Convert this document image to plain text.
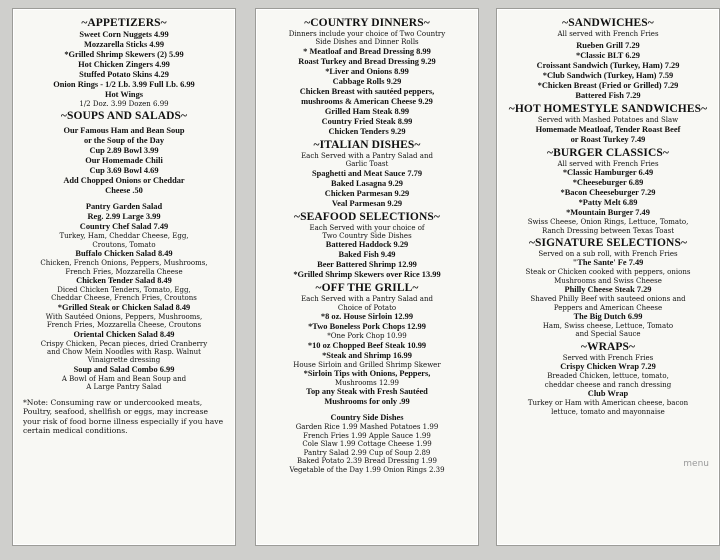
~APPETIZERS~
Sweet Corn Nuggets 4.99
Mozzarella Sticks 4.99
*Grilled Shrimp Skewers (2) 5.99
Hot Chicken Zingers 4.99
Stuffed Potato Skins 4.29
Onion Rings - 1/2 Lb. 3.99 Full Lb. 6.99
Hot Wings
1/2 Doz. 3.99 Dozen 6.99
~SOUPS AND SALADS~
Our Famous Ham and Bean Soup
or the Soup of the Day
Cup 2.89 Bowl 3.99
Our Homemade Chili
Cup 3.69 Bowl 4.69
Add Chopped Onions or Cheddar
Cheese .50
Pantry Garden Salad
Reg. 2.99 Large 3.99
Country Chef Salad 7.49
Turkey, Ham, Cheddar Cheese, Egg,
Croutons, Tomato
Buffalo Chicken Salad 8.49
Chicken, French Onions, Peppers, Mushrooms,
French Fries, Mozzarella Cheese
Chicken Tender Salad 8.49
Diced Chicken Tenders, Tomato, Egg,
Cheddar Cheese, French Fries, Croutons
*Grilled Steak or Chicken Salad 8.49
With Sautéed Onions, Peppers, Mushrooms,
French Fries, Mozzarella Cheese, Croutons
Oriental Chicken Salad 8.49
Crispy Chicken, Pecan pieces, dried Cranberry
and Chow Mein Noodles with Rasp. Walnut
Vinaigrette dressing
Soup and Salad Combo 6.99
A Bowl of Ham and Bean Soup and
A Large Pantry Salad
*Note: Consuming raw or undercooked meats, Poultry, seafood, shellfish or eggs, may increase your risk of food borne illness especially if you have certain medical conditions.
~COUNTRY DINNERS~
Dinners include your choice of Two Country
Side Dishes and Dinner Rolls
* Meatloaf and Bread Dressing 8.99
Roast Turkey and Bread Dressing 9.29
*Liver and Onions 8.99
Cabbage Rolls 9.29
Chicken Breast with sautéed peppers,
mushrooms & American Cheese 9.29
Grilled Ham Steak 8.99
Country Fried Steak 8.99
Chicken Tenders 9.29
~ITALIAN DISHES~
Each Served with a Pantry Salad and
Garlic Toast
Spaghetti and Meat Sauce 7.79
Baked Lasagna 9.29
Chicken Parmesan 9.29
Veal Parmesan 9.29
~SEAFOOD SELECTIONS~
Each Served with your choice of
Two Country Side Dishes
Battered Haddock 9.29
Baked Fish 9.49
Beer Battered Shrimp 12.99
*Grilled Shrimp Skewers over Rice 13.99
~OFF THE GRILL~
Each Served with a Pantry Salad and
Choice of Potato
*8 oz. House Sirloin 12.99
*Two Boneless Pork Chops 12.99
*One Pork Chop 10.99
*10 oz Chopped Beef Steak 10.99
*Steak and Shrimp 16.99
House Sirloin and Grilled Shrimp Skewer
*Sirloin Tips with Onions, Peppers,
Mushrooms 12.99
Top any Steak with Fresh Sautéed
Mushrooms for only .99
Country Side Dishes
Garden Rice 1.99 Mashed Potatoes 1.99
French Fries 1.99 Apple Sauce 1.99
Cole Slaw 1.99 Cottage Cheese 1.99
Pantry Salad 2.99 Cup of Soup 2.89
Baked Potato 2.39 Bread Dressing 1.99
Vegetable of the Day 1.99 Onion Rings 2.39
~SANDWICHES~
All served with French Fries
Rueben Grill 7.29
*Classic BLT 6.29
Croissant Sandwich (Turkey, Ham) 7.29
*Club Sandwich (Turkey, Ham) 7.59
*Chicken Breast (Fried or Grilled) 7.29
Battered Fish 7.29
~HOT HOMESTYLE SANDWICHES~
Served with Mashed Potatoes and Slaw
Homemade Meatloaf, Tender Roast Beef
or Roast Turkey 7.49
~BURGER CLASSICS~
All served with French Fries
*Classic Hamburger 6.49
*Cheeseburger 6.89
*Bacon Cheeseburger 7.29
*Patty Melt 6.89
*Mountain Burger 7.49
Swiss Cheese, Onion Rings, Lettuce, Tomato,
Ranch Dressing between Texas Toast
~SIGNATURE SELECTIONS~
Served on a sub roll, with French Fries
"The Sante' Fe 7.49
Steak or Chicken cooked with peppers, onions
Mushrooms and Swiss Cheese
Philly Cheese Steak 7.29
Shaved Philly Beef with sauteed onions and
Peppers and American Cheese
The Big Dutch 6.99
Ham, Swiss cheese, Lettuce, Tomato
and Special Sauce
~WRAPS~
Served with French Fries
Crispy Chicken Wrap 7.29
Breaded Chicken, lettuce, tomato,
cheddar cheese and ranch dressing
Club Wrap
Turkey or Ham with American cheese, bacon
lettuce, tomato and mayonnaise
menu
